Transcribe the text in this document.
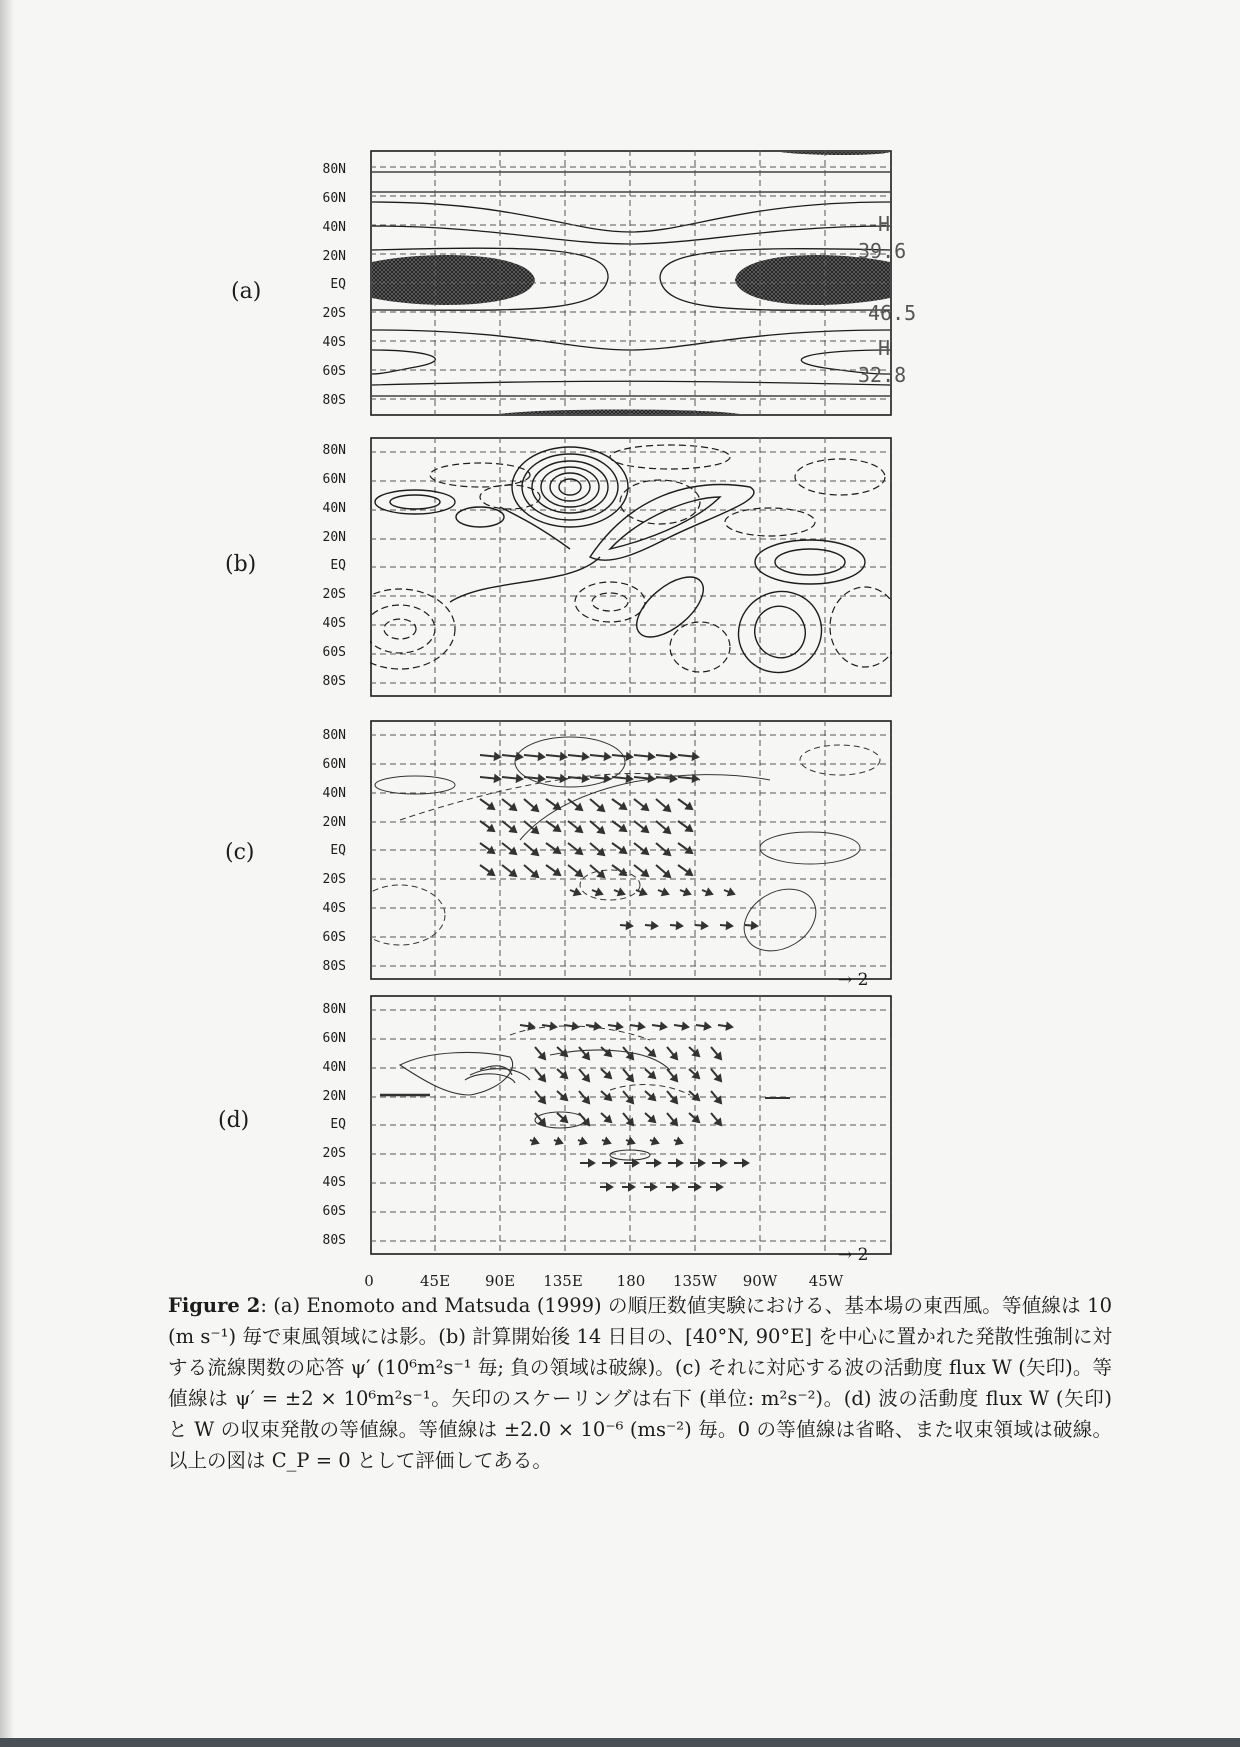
(a)
(b)
(c)
(d)
80N
60N
40N
20N
EQ
20S
40S
60S
80S
80N
60N
40N
20N
EQ
20S
40S
60S
80S
80N
60N
40N
20N
EQ
20S
40S
60S
80S
80N
60N
40N
20N
EQ
20S
40S
60S
80S
H
39.6
46.5
H
32.8
→ 2
→ 2
0	45E 90E 135E 180 135W 90W 45W

Figure 2: (a) Enomoto and Matsuda (1999) の順圧数値実験における、基本場の東西風。等値線は 10 (m s⁻¹) 毎で東風領域には影。(b) 計算開始後 14 日目の、[40°N, 90°E] を中心に置かれた発散性強制に対する流線関数の応答 ψ′ (10⁶m²s⁻¹ 毎; 負の領域は破線)。(c) それに対応する波の活動度 flux W (矢印)。等値線は ψ′ = ±2 × 10⁶m²s⁻¹。矢印のスケーリングは右下 (単位: m²s⁻²)。(d) 波の活動度 flux W (矢印) と W の収束発散の等値線。等値線は ±2.0 × 10⁻⁶ (ms⁻²) 毎。0 の等値線は省略、また収束領域は破線。以上の図は C_P = 0 として評価してある。
